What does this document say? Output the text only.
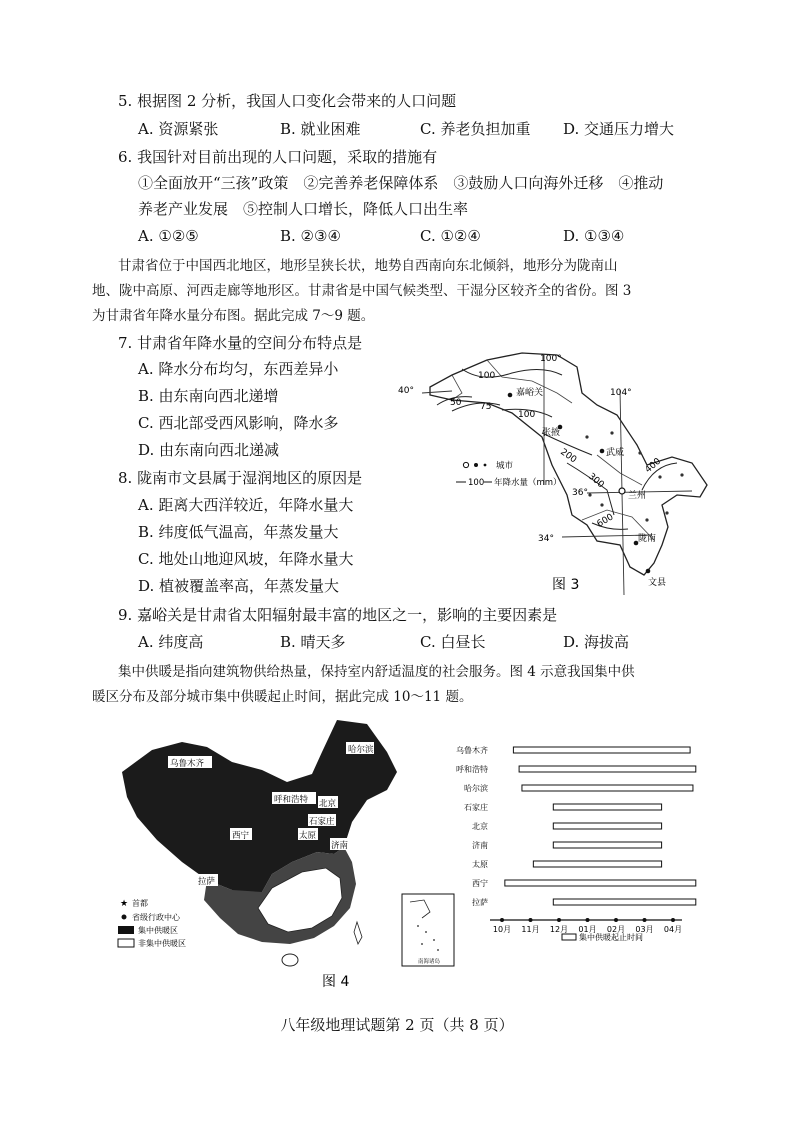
5. 根据图 2 分析，我国人口变化会带来的人口问题
A. 资源紧张	B. 就业困难	C. 养老负担加重 D. 交通压力增大
6. 我国针对目前出现的人口问题，采取的措施有
①全面放开“三孩”政策　②完善养老保障体系　③鼓励人口向海外迁移　④推动
养老产业发展　⑤控制人口增长，降低人口出生率
A. ①②⑤	B. ②③④	C. ①②④	D. ①③④
甘肃省位于中国西北地区，地形呈狭长状，地势自西南向东北倾斜，地形分为陇南山
地、陇中高原、河西走廊等地形区。甘肃省是中国气候类型、干湿分区较齐全的省份。图 3
为甘肃省年降水量分布图。据此完成 7～9 题。
7. 甘肃省年降水量的空间分布特点是
A. 降水分布均匀，东西差异小
B. 由东南向西北递增
C. 西北部受西风影响，降水多
D. 由东南向西北递减
8. 陇南市文县属于湿润地区的原因是
A. 距离大西洋较近，年降水量大
B. 纬度低气温高，年蒸发量大
C. 地处山地迎风坡，年降水量大
D. 植被覆盖率高，年蒸发量大
100°
104°
40°
36°
34°
100
50 75
100
200
300
400
600
嘉峪关
张掖
武威
兰州
陇南
文县
城市
100 年降水量（mm）
图 3
9. 嘉峪关是甘肃省太阳辐射最丰富的地区之一，影响的主要因素是
A. 纬度高	B. 晴天多	C. 白昼长	D. 海拔高
集中供暖是指向建筑物供给热量，保持室内舒适温度的社会服务。图 4 示意我国集中供
暖区分布及部分城市集中供暖起止时间，据此完成 10～11 题。
乌鲁木齐
哈尔滨
呼和浩特 北京
石家庄
太原
济南
西宁
拉萨
★ 首都
省级行政中心
集中供暖区
非集中供暖区
南海诸岛
图 4
乌鲁木齐
呼和浩特
哈尔滨
石家庄
北京
济南
太原
西宁
拉萨
10月 11月 12月 01月 02月 03月 04月
集中供暖起止时间
八年级地理试题第 2 页（共 8 页）
